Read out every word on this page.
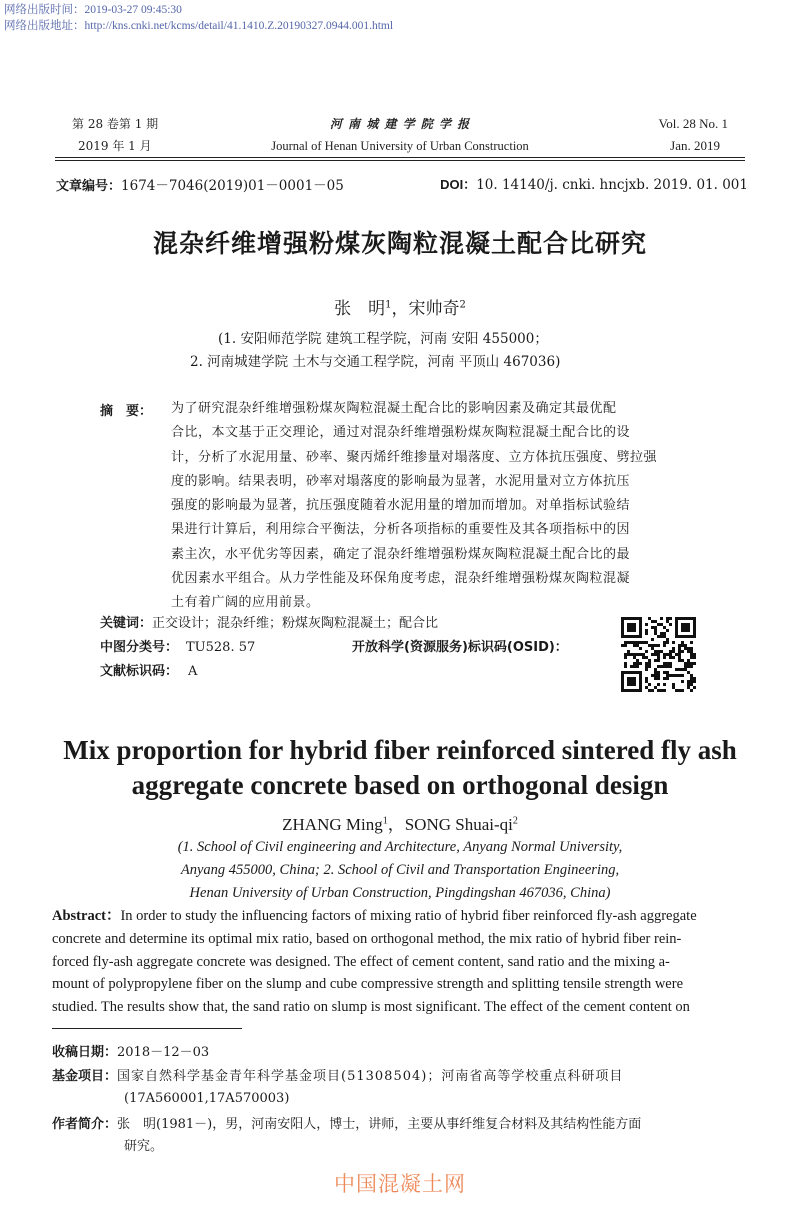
网络出版时间：2019-03-27 09:45:30
网络出版地址：http://kns.cnki.net/kcms/detail/41.1410.Z.20190327.0944.001.html
第 28 卷第 1 期
2019 年 1 月
河 南 城 建 学 院 学 报
Journal of Henan University of Urban Construction
Vol. 28 No. 1
Jan. 2019
文章编号：1674－7046(2019)01－0001－05	DOI：10. 14140/j. cnki. hncjxb. 2019. 01. 001
混杂纤维增强粉煤灰陶粒混凝土配合比研究
张　明$^1$，宋帅奇$^2$
(1. 安阳师范学院 建筑工程学院，河南 安阳 455000；
2. 河南城建学院 土木与交通工程学院，河南 平顶山 467036)
摘　要： 为了研究混杂纤维增强粉煤灰陶粒混凝土配合比的影响因素及确定其最优配
合比，本文基于正交理论，通过对混杂纤维增强粉煤灰陶粒混凝土配合比的设
计，分析了水泥用量、砂率、聚丙烯纤维掺量对塌落度、立方体抗压强度、劈拉强
度的影响。结果表明，砂率对塌落度的影响最为显著，水泥用量对立方体抗压
强度的影响最为显著，抗压强度随着水泥用量的增加而增加。对单指标试验结
果进行计算后，利用综合平衡法，分析各项指标的重要性及其各项指标中的因
素主次，水平优劣等因素，确定了混杂纤维增强粉煤灰陶粒混凝土配合比的最
优因素水平组合。从力学性能及环保角度考虑，混杂纤维增强粉煤灰陶粒混凝
土有着广阔的应用前景。
关键词：正交设计；混杂纤维；粉煤灰陶粒混凝土；配合比
中图分类号： TU528. 57	开放科学(资源服务)标识码(OSID)：
文献标识码： A
Mix proportion for hybrid fiber reinforced sintered fly ash
aggregate concrete based on orthogonal design
ZHANG Ming$^1$，SONG Shuai-$qi^2$
(1. School of Civil engineering and Architecture, Anyang Normal University,
Anyang 455000, China; 2. School of Civil and Transportation Engineering,
Henan University of Urban Construction, Pingdingshan 467036, China)
Abstract：In order to study the influencing factors of mixing ratio of hybrid fiber reinforced fly-ash aggregate
concrete and determine its optimal mix ratio, based on orthogonal method, the mix ratio of hybrid fiber rein-
forced fly-ash aggregate concrete was designed. The effect of cement content, sand ratio and the mixing a-
mount of polypropylene fiber on the slump and cube compressive strength and splitting tensile strength were
studied. The results show that, the sand ratio on slump is most significant. The effect of the cement content on
收稿日期：2018－12－03
基金项目：国家自然科学基金青年科学基金项目(51308504)；河南省高等学校重点科研项目
(17A560001,17A570003)
作者简介：张　明(1981－)，男，河南安阳人，博士，讲师，主要从事纤维复合材料及其结构性能方面
研究。
中国混凝土网
